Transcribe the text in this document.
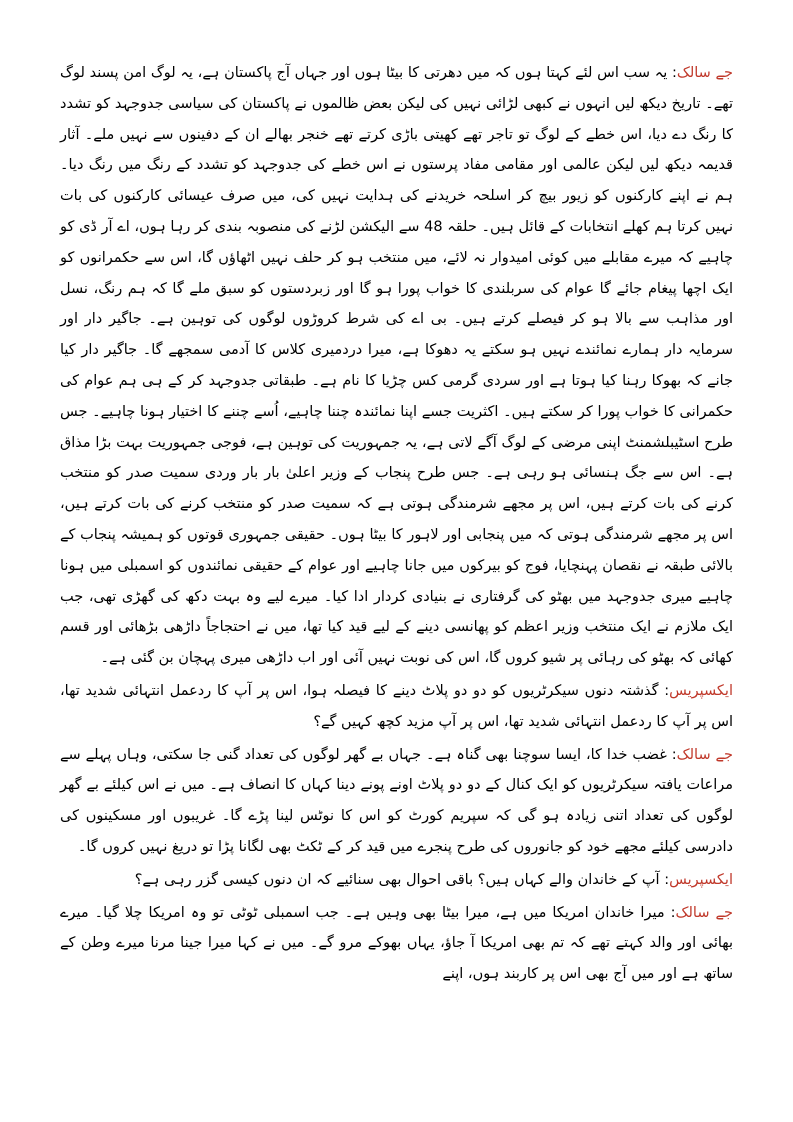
جے سالک: یہ سب اس لئے کہتا ہوں کہ میں دھرتی کا بیٹا ہوں اور جہاں آج پاکستان ہے، یہ لوگ امن پسند لوگ تھے۔ تاریخ دیکھ لیں انہوں نے کبھی لڑائی نہیں کی لیکن بعض ظالموں نے پاکستان کی سیاسی جدوجہد کو تشدد کا رنگ دے دیا، اس خطے کے لوگ تو تاجر تھے کھیتی باڑی کرتے تھے خنجر بھالے ان کے دفینوں سے نہیں ملے۔ آثار قدیمہ دیکھ لیں لیکن عالمی اور مقامی مفاد پرستوں نے اس خطے کی جدوجہد کو تشدد کے رنگ میں رنگ دیا۔ ہم نے اپنے کارکنوں کو زیور بیچ کر اسلحہ خریدنے کی ہدایت نہیں کی، میں صرف عیسائی کارکنوں کی بات نہیں کرتا ہم کھلے انتخابات کے قائل ہیں۔ حلقہ 48 سے الیکشن لڑنے کی منصوبہ بندی کر رہا ہوں، اے آر ڈی کو چاہیے کہ میرے مقابلے میں کوئی امیدوار نہ لائے، میں منتخب ہو کر حلف نہیں اٹھاؤں گا، اس سے حکمرانوں کو ایک اچھا پیغام جائے گا عوام کی سربلندی کا خواب پورا ہو گا اور زبردستوں کو سبق ملے گا کہ ہم رنگ، نسل اور مذاہب سے بالا ہو کر فیصلے کرتے ہیں۔ بی اے کی شرط کروڑوں لوگوں کی توہین ہے۔ جاگیر دار اور سرمایہ دار ہمارے نمائندے نہیں ہو سکتے یہ دھوکا ہے، میرا دردمیری کلاس کا آدمی سمجھے گا۔ جاگیر دار کیا جانے کہ بھوکا رہنا کیا ہوتا ہے اور سردی گرمی کس چڑیا کا نام ہے۔ طبقاتی جدوجہد کر کے ہی ہم عوام کی حکمرانی کا خواب پورا کر سکتے ہیں۔ اکثریت جسے اپنا نمائندہ چننا چاہیے، اُسے چننے کا اختیار ہونا چاہیے۔ جس طرح اسٹیبلشمنٹ اپنی مرضی کے لوگ آگے لاتی ہے، یہ جمہوریت کی توہین ہے، فوجی جمہوریت بہت بڑا مذاق ہے۔ اس سے جگ ہنسائی ہو رہی ہے۔ جس طرح پنجاب کے وزیر اعلیٰ بار بار وردی سمیت صدر کو منتخب کرنے کی بات کرتے ہیں، اس پر مجھے شرمندگی ہوتی ہے کہ سمیت صدر کو منتخب کرنے کی بات کرتے ہیں، اس پر مجھے شرمندگی ہوتی کہ میں پنجابی اور لاہور کا بیٹا ہوں۔ حقیقی جمہوری قوتوں کو ہمیشہ پنجاب کے بالائی طبقہ نے نقصان پہنچایا، فوج کو بیرکوں میں جانا چاہیے اور عوام کے حقیقی نمائندوں کو اسمبلی میں ہونا چاہیے میری جدوجہد میں بھٹو کی گرفتاری نے بنیادی کردار ادا کیا۔ میرے لیے وہ بہت دکھ کی گھڑی تھی، جب ایک ملازم نے ایک منتخب وزیر اعظم کو پھانسی دینے کے لیے قید کیا تھا، میں نے احتجاجاً داڑھی بڑھائی اور قسم کھائی کہ بھٹو کی رہائی پر شیو کروں گا، اس کی نوبت نہیں آئی اور اب داڑھی میری پہچان بن گئی ہے۔

ایکسپریس: گذشتہ دنوں سیکرٹریوں کو دو دو پلاٹ دینے کا فیصلہ ہوا، اس پر آپ کا ردعمل انتہائی شدید تھا، اس پر آپ کا ردعمل انتہائی شدید تھا، اس پر آپ مزید کچھ کہیں گے؟

جے سالک: غضب خدا کا، ایسا سوچنا بھی گناہ ہے۔ جہاں بے گھر لوگوں کی تعداد گنی جا سکتی، وہاں پہلے سے مراعات یافتہ سیکرٹریوں کو ایک کنال کے دو دو پلاٹ اونے پونے دینا کہاں کا انصاف ہے۔ میں نے اس کیلئے بے گھر لوگوں کی تعداد اتنی زیادہ ہو گی کہ سپریم کورٹ کو اس کا نوٹس لینا پڑے گا۔ غریبوں اور مسکینوں کی دادرسی کیلئے مجھے خود کو جانوروں کی طرح پنجرے میں قید کر کے ٹکٹ بھی لگانا پڑا تو دریغ نہیں کروں گا۔

ایکسپریس: آپ کے خاندان والے کہاں ہیں؟ باقی احوال بھی سنائیے کہ ان دنوں کیسی گزر رہی ہے؟

جے سالک: میرا خاندان امریکا میں ہے، میرا بیٹا بھی وہیں ہے۔ جب اسمبلی ٹوٹی تو وہ امریکا چلا گیا۔ میرے بھائی اور والد کہتے تھے کہ تم بھی امریکا آ جاؤ، یہاں بھوکے مرو گے۔ میں نے کہا میرا جینا مرنا میرے وطن کے ساتھ ہے اور میں آج بھی اس پر کاربند ہوں، اپنے
